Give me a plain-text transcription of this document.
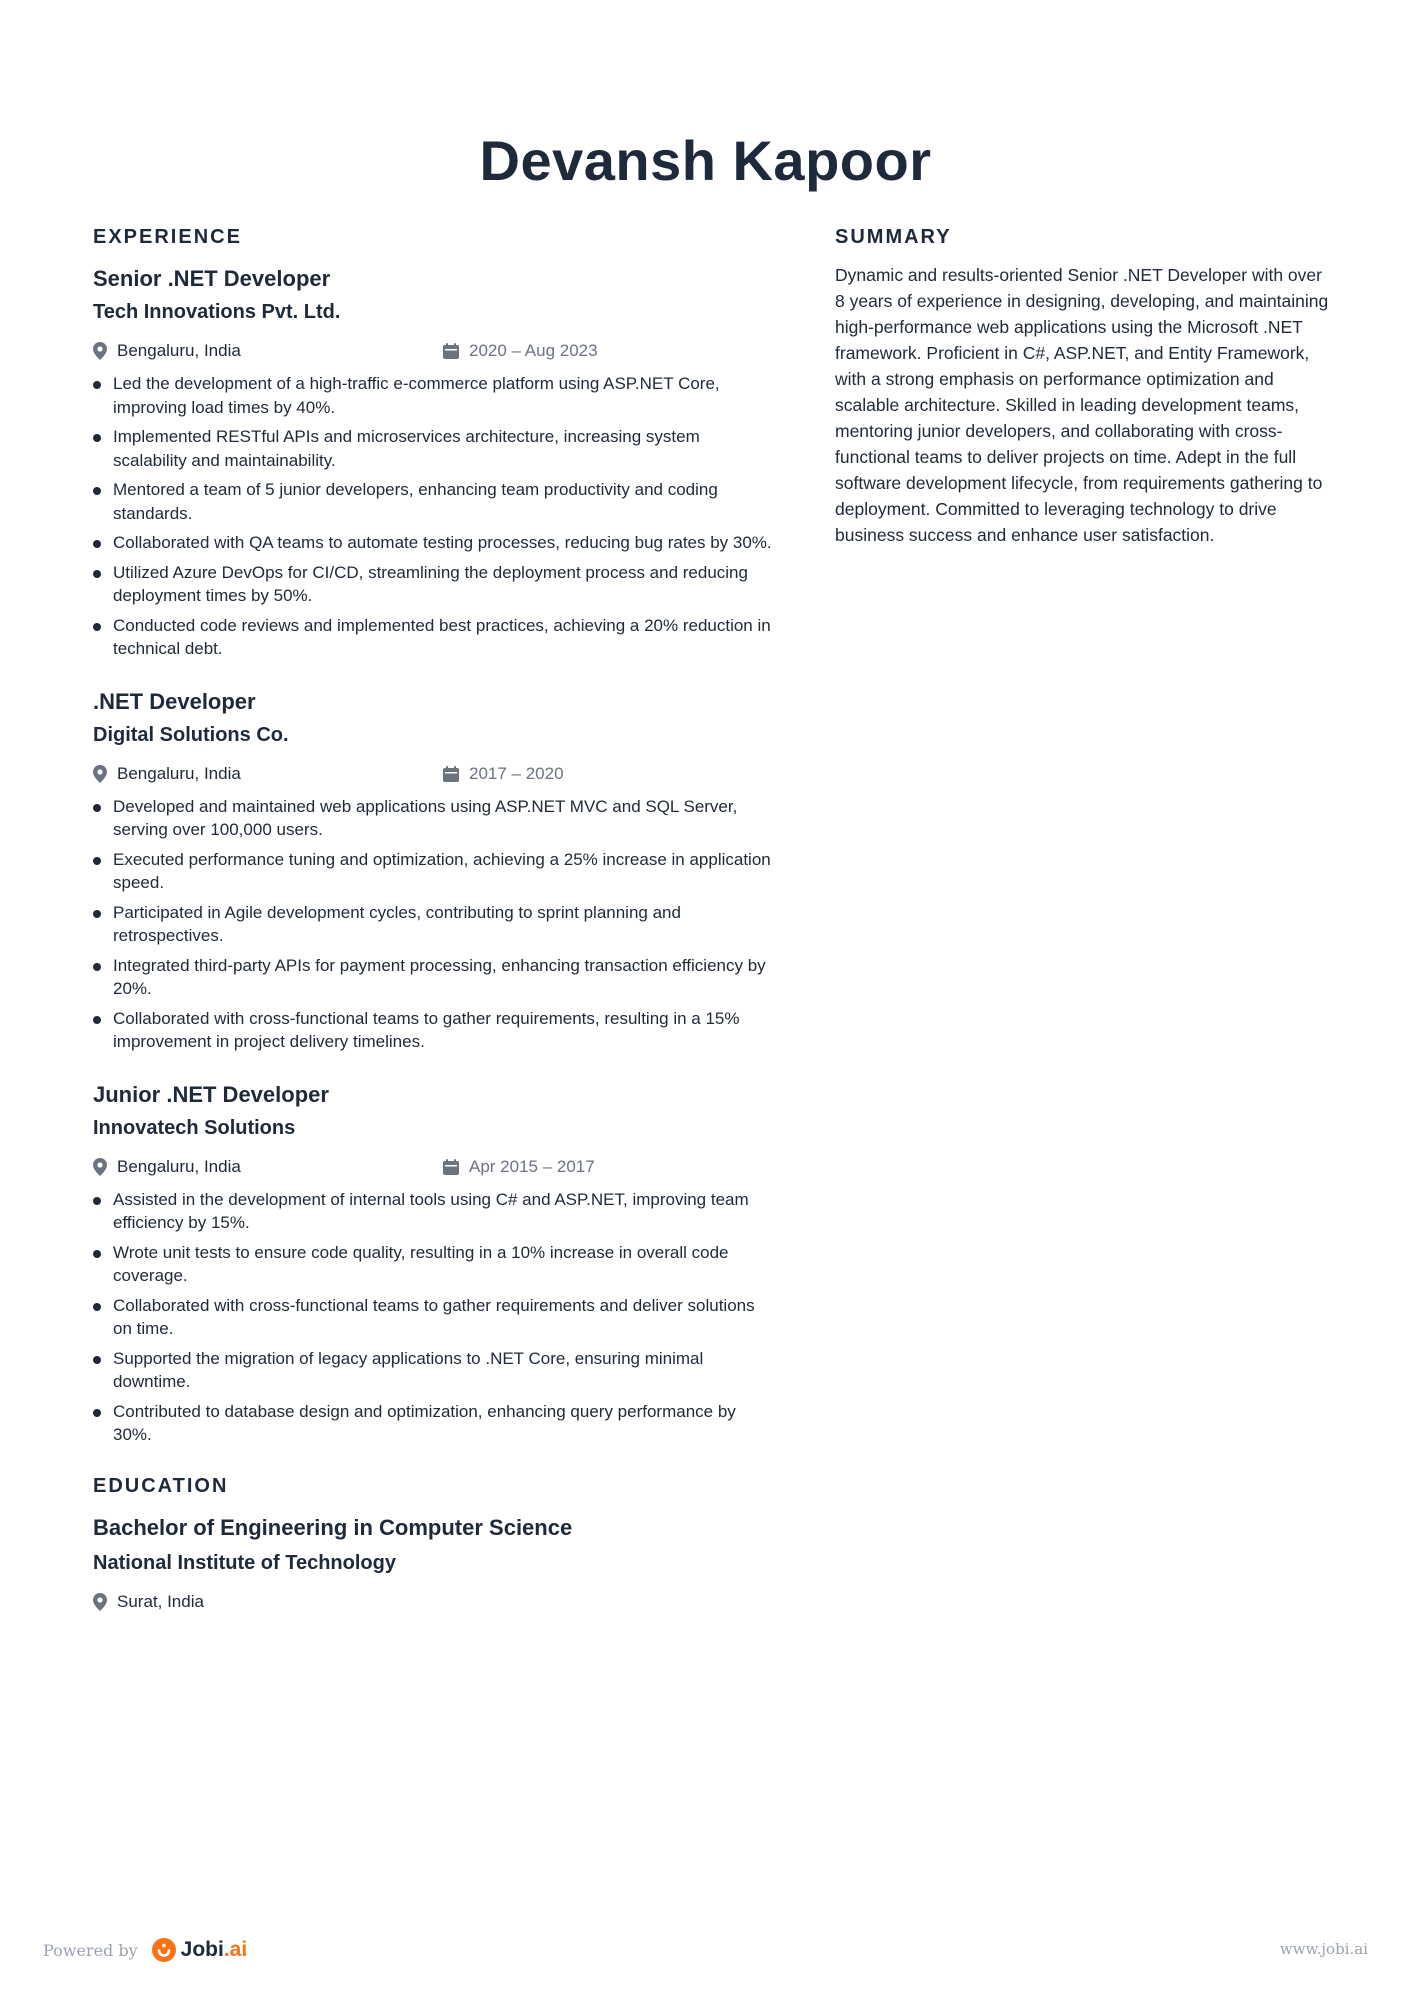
Devansh Kapoor
EXPERIENCE
Senior .NET Developer
Tech Innovations Pvt. Ltd.
Bengaluru, India	2020 – Aug 2023
Led the development of a high-traffic e-commerce platform using ASP.NET Core, improving load times by 40%.
Implemented RESTful APIs and microservices architecture, increasing system scalability and maintainability.
Mentored a team of 5 junior developers, enhancing team productivity and coding standards.
Collaborated with QA teams to automate testing processes, reducing bug rates by 30%.
Utilized Azure DevOps for CI/CD, streamlining the deployment process and reducing deployment times by 50%.
Conducted code reviews and implemented best practices, achieving a 20% reduction in technical debt.
.NET Developer
Digital Solutions Co.
Bengaluru, India	2017 – 2020
Developed and maintained web applications using ASP.NET MVC and SQL Server, serving over 100,000 users.
Executed performance tuning and optimization, achieving a 25% increase in application speed.
Participated in Agile development cycles, contributing to sprint planning and retrospectives.
Integrated third-party APIs for payment processing, enhancing transaction efficiency by 20%.
Collaborated with cross-functional teams to gather requirements, resulting in a 15% improvement in project delivery timelines.
Junior .NET Developer
Innovatech Solutions
Bengaluru, India	Apr 2015 – 2017
Assisted in the development of internal tools using C# and ASP.NET, improving team efficiency by 15%.
Wrote unit tests to ensure code quality, resulting in a 10% increase in overall code coverage.
Collaborated with cross-functional teams to gather requirements and deliver solutions on time.
Supported the migration of legacy applications to .NET Core, ensuring minimal downtime.
Contributed to database design and optimization, enhancing query performance by 30%.
EDUCATION
Bachelor of Engineering in Computer Science
National Institute of Technology
Surat, India
SUMMARY

Dynamic and results-oriented Senior .NET Developer with over 8 years of experience in designing, developing, and maintaining high-performance web applications using the Microsoft .NET framework. Proficient in C#, ASP.NET, and Entity Framework, with a strong emphasis on performance optimization and scalable architecture. Skilled in leading development teams, mentoring junior developers, and collaborating with cross-functional teams to deliver projects on time. Adept in the full software development lifecycle, from requirements gathering to deployment. Committed to leveraging technology to drive business success and enhance user satisfaction.

Powered by Jobi .ai	www.jobi.ai
